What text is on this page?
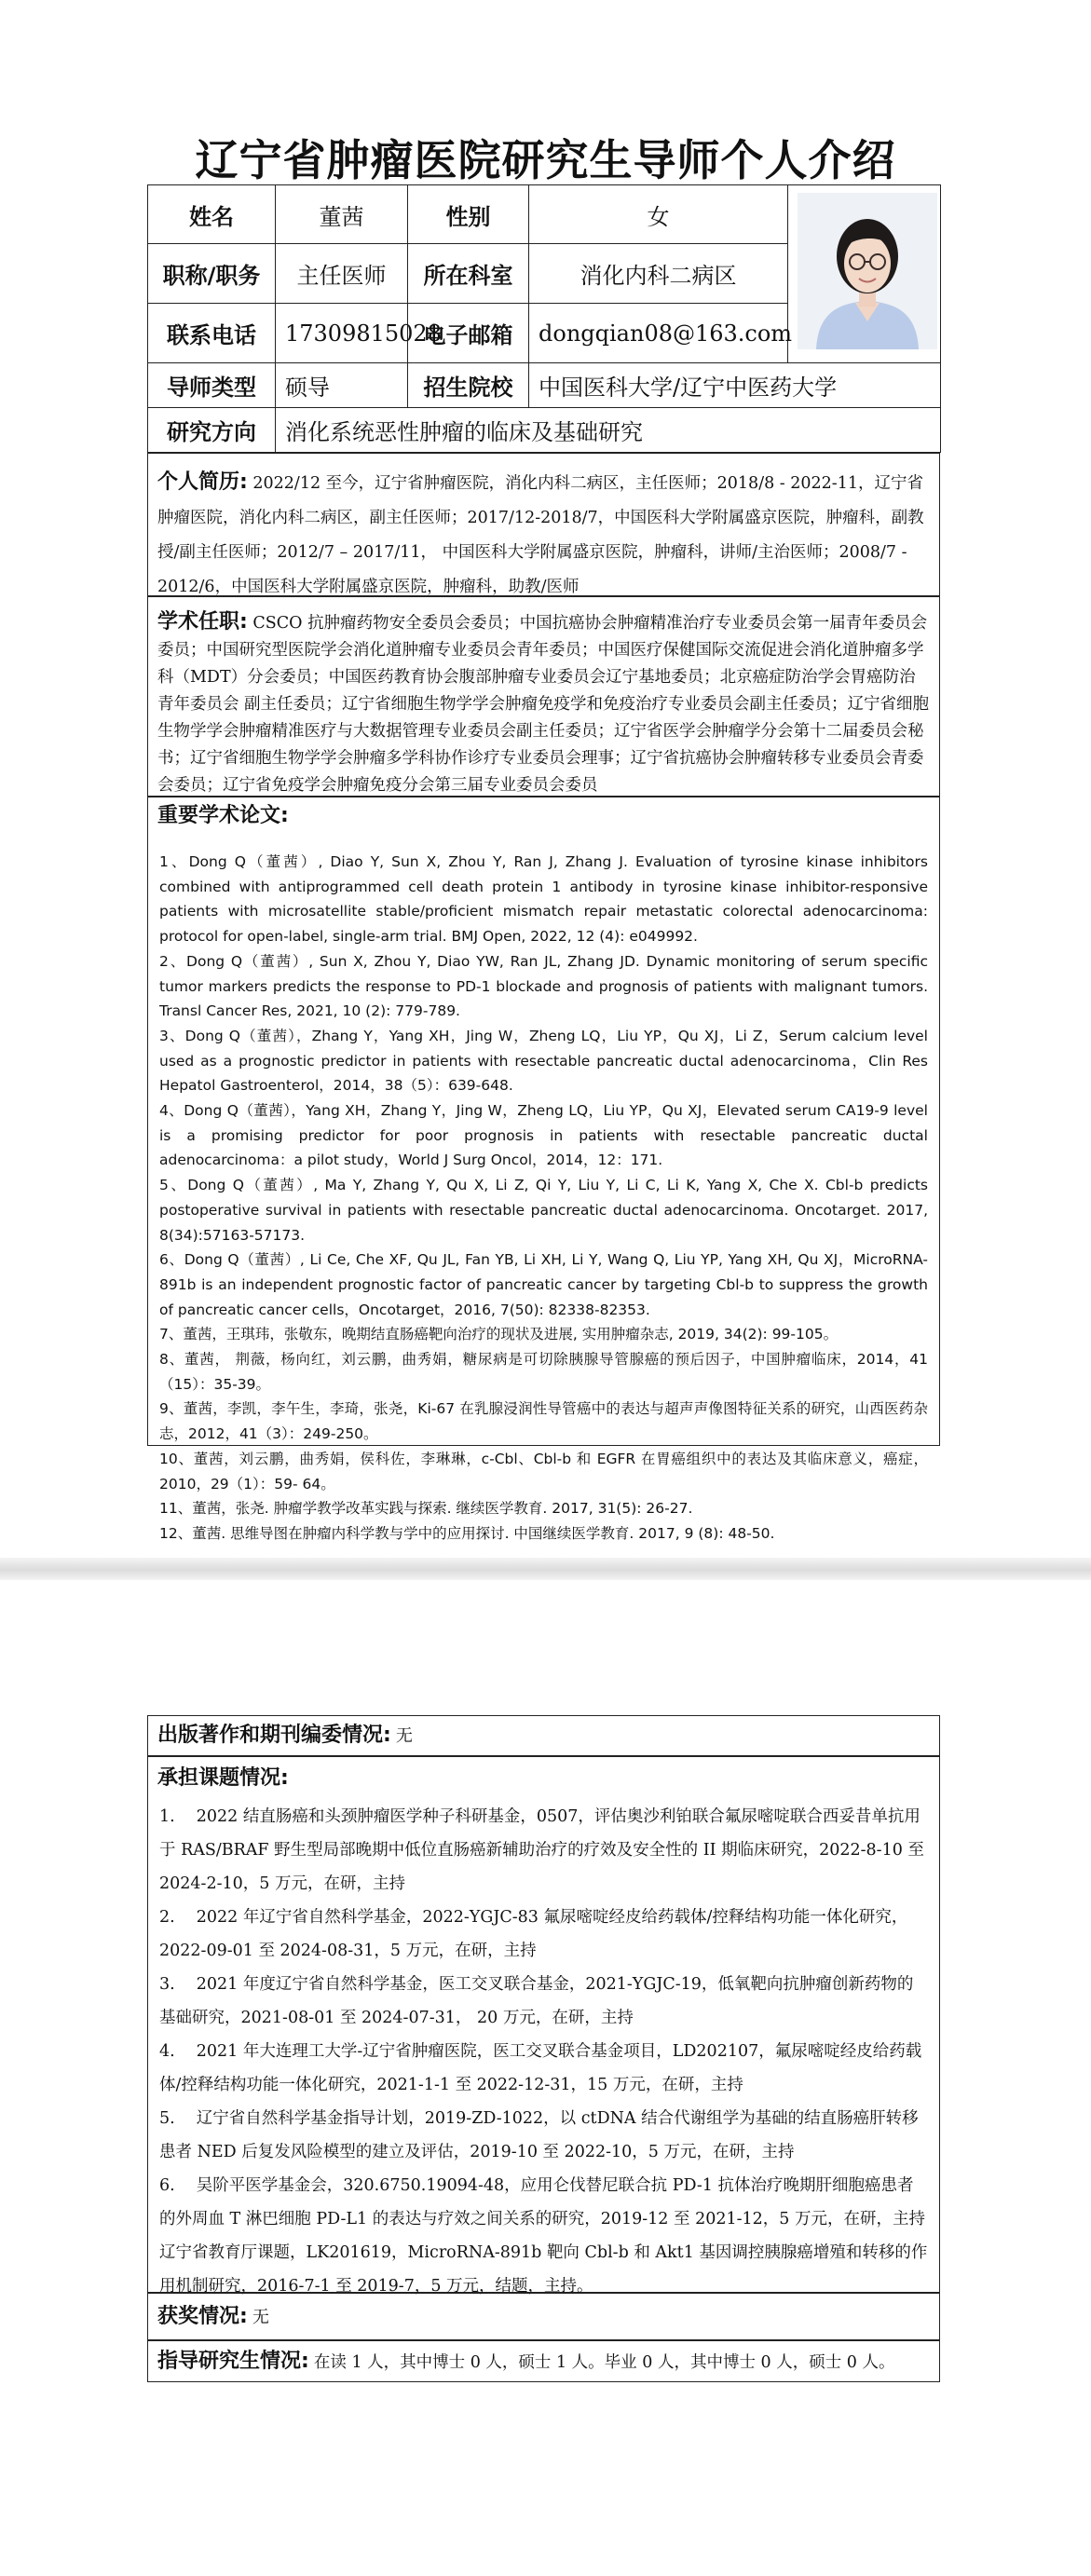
辽宁省肿瘤医院研究生导师个人介绍
姓名	董茜	性别	女	
职称/职务	主任医师	所在科室	消化内科二病区	
联系电话	17309815028	电子邮箱	dongqian08@163.com	
导师类型	硕导	招生院校	中国医科大学/辽宁中医药大学	
研究方向	消化系统恶性肿瘤的临床及基础研究			
个人简历: 2022/12 至今，辽宁省肿瘤医院，消化内科二病区，主任医师；2018/8 - 2022-11，辽宁省肿瘤医院，消化内科二病区，副主任医师；2017/12-2018/7，中国医科大学附属盛京医院，肿瘤科，副教授/副主任医师；2012/7 – 2017/11， 中国医科大学附属盛京医院，肿瘤科，讲师/主治医师；2008/7 - 2012/6，中国医科大学附属盛京医院，肿瘤科，助教/医师
学术任职: CSCO 抗肿瘤药物安全委员会委员；中国抗癌协会肿瘤精准治疗专业委员会第一届青年委员会委员；中国研究型医院学会消化道肿瘤专业委员会青年委员；中国医疗保健国际交流促进会消化道肿瘤多学科（MDT）分会委员；中国医药教育协会腹部肿瘤专业委员会辽宁基地委员；北京癌症防治学会胃癌防治青年委员会 副主任委员；辽宁省细胞生物学学会肿瘤免疫学和免疫治疗专业委员会副主任委员；辽宁省细胞生物学学会肿瘤精准医疗与大数据管理专业委员会副主任委员；辽宁省医学会肿瘤学分会第十二届委员会秘书；辽宁省细胞生物学学会肿瘤多学科协作诊疗专业委员会理事；辽宁省抗癌协会肿瘤转移专业委员会青委会委员；辽宁省免疫学会肿瘤免疫分会第三届专业委员会委员
重要学术论文:

1、Dong Q（董茜）, Diao Y, Sun X, Zhou Y, Ran J, Zhang J. Evaluation of tyrosine kinase inhibitors combined with antiprogrammed cell death protein 1 antibody in tyrosine kinase inhibitor-responsive patients with microsatellite stable/proficient mismatch repair metastatic colorectal adenocarcinoma: protocol for open-label, single-arm trial. BMJ Open, 2022, 12 (4): e049992.

2、Dong Q（董茜）, Sun X, Zhou Y, Diao YW, Ran JL, Zhang JD. Dynamic monitoring of serum specific tumor markers predicts the response to PD-1 blockade and prognosis of patients with malignant tumors. Transl Cancer Res, 2021, 10 (2): 779-789.

3、Dong Q（董茜），Zhang Y，Yang XH，Jing W，Zheng LQ，Liu YP，Qu XJ，Li Z，Serum calcium level used as a prognostic predictor in patients with resectable pancreatic ductal adenocarcinoma，Clin Res Hepatol Gastroenterol，2014，38（5）：639-648.

4、Dong Q（董茜），Yang XH，Zhang Y，Jing W，Zheng LQ，Liu YP，Qu XJ，Elevated serum CA19-9 level is a promising predictor for poor prognosis in patients with resectable pancreatic ductal adenocarcinoma：a pilot study，World J Surg Oncol，2014，12：171.

5、Dong Q（董茜）, Ma Y, Zhang Y, Qu X, Li Z, Qi Y, Liu Y, Li C, Li K, Yang X, Che X. Cbl-b predicts postoperative survival in patients with resectable pancreatic ductal adenocarcinoma. Oncotarget. 2017, 8(34):57163-57173.

6、Dong Q（董茜）, Li Ce, Che XF, Qu JL, Fan YB, Li XH, Li Y, Wang Q, Liu YP, Yang XH, Qu XJ，MicroRNA-891b is an independent prognostic factor of pancreatic cancer by targeting Cbl-b to suppress the growth of pancreatic cancer cells，Oncotarget，2016, 7(50): 82338-82353.

7、董茜，王琪玮，张敬东，晚期结直肠癌靶向治疗的现状及进展, 实用肿瘤杂志, 2019, 34(2): 99-105。

8、董茜， 荆薇，杨向红，刘云鹏，曲秀娟，糖尿病是可切除胰腺导管腺癌的预后因子，中国肿瘤临床，2014，41（15）：35-39。

9、董茜，李凯，李午生，李琦，张尧，Ki-67 在乳腺浸润性导管癌中的表达与超声声像图特征关系的研究，山西医药杂志，2012，41（3）：249-250。

10、董茜，刘云鹏，曲秀娟，侯科佐，李琳琳，c-Cbl、Cbl-b 和 EGFR 在胃癌组织中的表达及其临床意义，癌症，2010，29（1）：59- 64。

11、董茜，张尧. 肿瘤学教学改革实践与探索. 继续医学教育. 2017, 31(5): 26-27.

12、董茜. 思维导图在肿瘤内科学教与学中的应用探讨. 中国继续医学教育. 2017, 9 (8): 48-50.

出版著作和期刊编委情况: 无
承担课题情况:

1.　 2022 结直肠癌和头颈肿瘤医学种子科研基金，0507，评估奥沙利铂联合氟尿嘧啶联合西妥昔单抗用于 RAS/BRAF 野生型局部晚期中低位直肠癌新辅助治疗的疗效及安全性的 II 期临床研究，2022-8-10 至 2024-2-10，5 万元，在研，主持

2.　 2022 年辽宁省自然科学基金，2022-YGJC-83 氟尿嘧啶经皮给药载体/控释结构功能一体化研究，2022-09-01 至 2024-08-31，5 万元，在研，主持

3.　 2021 年度辽宁省自然科学基金，医工交叉联合基金，2021-YGJC-19，低氧靶向抗肿瘤创新药物的基础研究，2021-08-01 至 2024-07-31， 20 万元，在研，主持

4.　 2021 年大连理工大学-辽宁省肿瘤医院，医工交叉联合基金项目，LD202107，氟尿嘧啶经皮给药载体/控释结构功能一体化研究，2021-1-1 至 2022-12-31，15 万元，在研，主持

5.　 辽宁省自然科学基金指导计划，2019-ZD-1022，以 ctDNA 结合代谢组学为基础的结直肠癌肝转移患者 NED 后复发风险模型的建立及评估，2019-10 至 2022-10，5 万元，在研，主持

6.　 吴阶平医学基金会，320.6750.19094-48，应用仑伐替尼联合抗 PD-1 抗体治疗晚期肝细胞癌患者的外周血 T 淋巴细胞 PD-L1 的表达与疗效之间关系的研究，2019-12 至 2021-12，5 万元，在研，主持

辽宁省教育厅课题，LK201619，MicroRNA-891b 靶向 Cbl-b 和 Akt1 基因调控胰腺癌增殖和转移的作用机制研究，2016-7-1 至 2019-7，5 万元，结题，主持。

获奖情况: 无
指导研究生情况: 在读 1 人，其中博士 0 人，硕士 1 人。毕业 0 人，其中博士 0 人，硕士 0 人。
